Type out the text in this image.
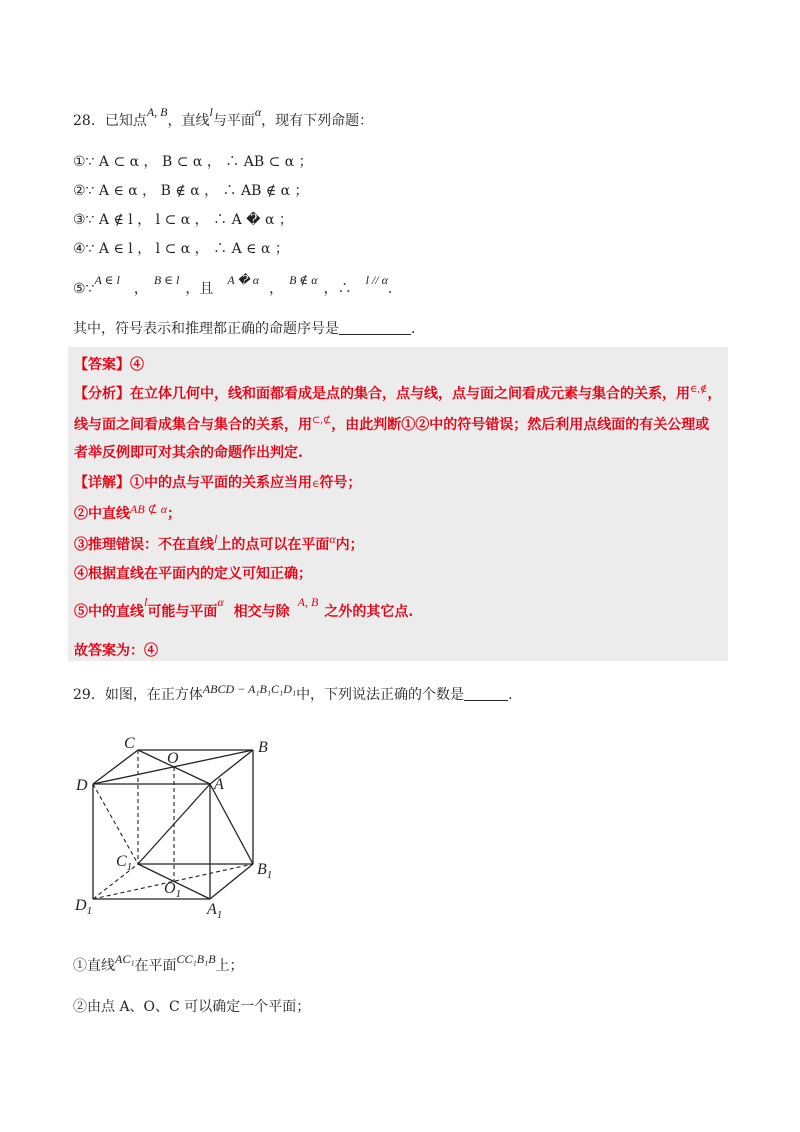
28．已知点A, B，直线l与平面α，现有下列命题：
①∵ A ⊂ α ， B ⊂ α ， ∴ AB ⊂ α ；
②∵ A ∈ α ， B ∉ α ， ∴ AB ∉ α ；
③∵ A ∉ l ， l ⊂ α ， ∴ A � α ；
④∵ A ∈ l ， l ⊂ α ， ∴ A ∈ α ；
⑤∵A ∈ l，B ∈ l，且A � α，B ∉ α，∴l // α.
其中，符号表示和推理都正确的命题序号是	.
【答案】④
【分析】在立体几何中，线和面都看成是点的集合，点与线，点与面之间看成元素与集合的关系，用∈,∉，
线与面之间看成集合与集合的关系，用⊂,⊄，由此判断①②中的符号错误；然后利用点线面的有关公理或
者举反例即可对其余的命题作出判定.
【详解】①中的点与平面的关系应当用∈符号；
②中直线AB ⊄ α；
③推理错误：不在直线l上的点可以在平面α内；
④根据直线在平面内的定义可知正确；
⑤中的直线l可能与平面α相交与除A, B之外的其它点.
故答案为：④
29．如图，在正方体ABCD − A₁B₁C₁D₁中，下列说法正确的个数是	.
C
O
B
D	A
$C_1$	$B_1$
$O_1$
$D_1$	$A_1$
①直线AC₁在平面CC₁B₁B上；
②由点 A、O、C 可以确定一个平面；
